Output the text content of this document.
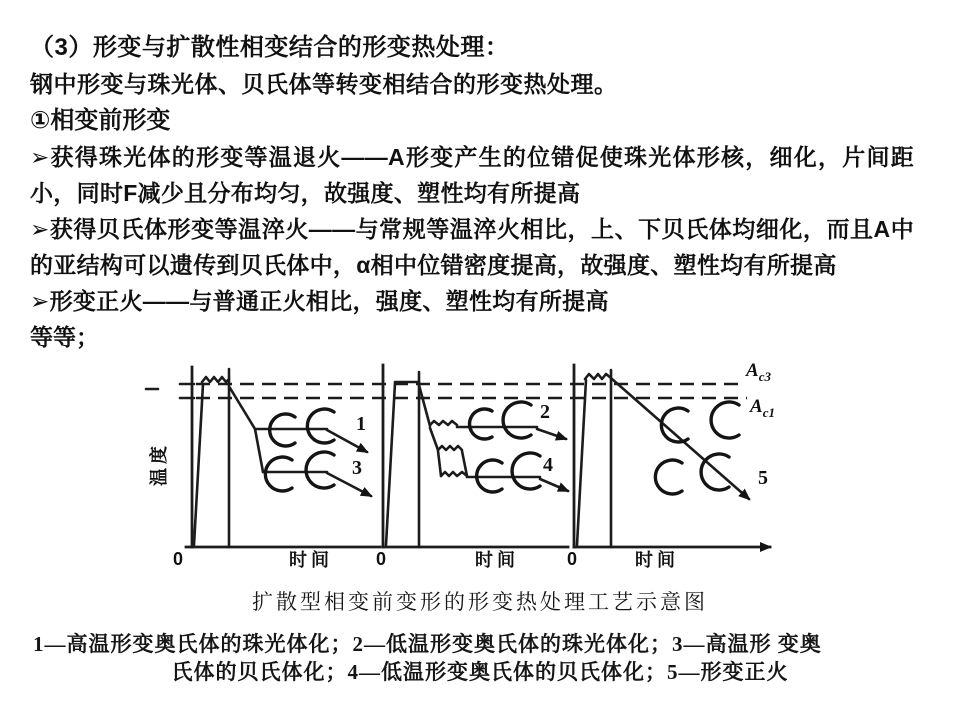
（3）形变与扩散性相变结合的形变热处理：

钢中形变与珠光体、贝氏体等转变相结合的形变热处理。

①相变前形变

➢获得珠光体的形变等温退火——A形变产生的位错促使珠光体形核，细化，片间距小，同时F减少且分布均匀，故强度、塑性均有所提高

➢获得贝氏体形变等温淬火——与常规等温淬火相比，上、下贝氏体均细化，而且A中的亚结构可以遗传到贝氏体中，α相中位错密度提高，故强度、塑性均有所提高

➢形变正火——与普通正火相比，强度、塑性均有所提高

等等；

$A_{c3}$
$A_{c1}$
温度
1
3
0	时间
2
4
0	时间
5
0	时间
扩散型相变前变形的形变热处理工艺示意图
1—高温形变奥氏体的珠光体化；2—低温形变奥氏体的珠光体化；3—高温形 变奥
氏体的贝氏体化；4—低温形变奥氏体的贝氏体化；5—形变正火
